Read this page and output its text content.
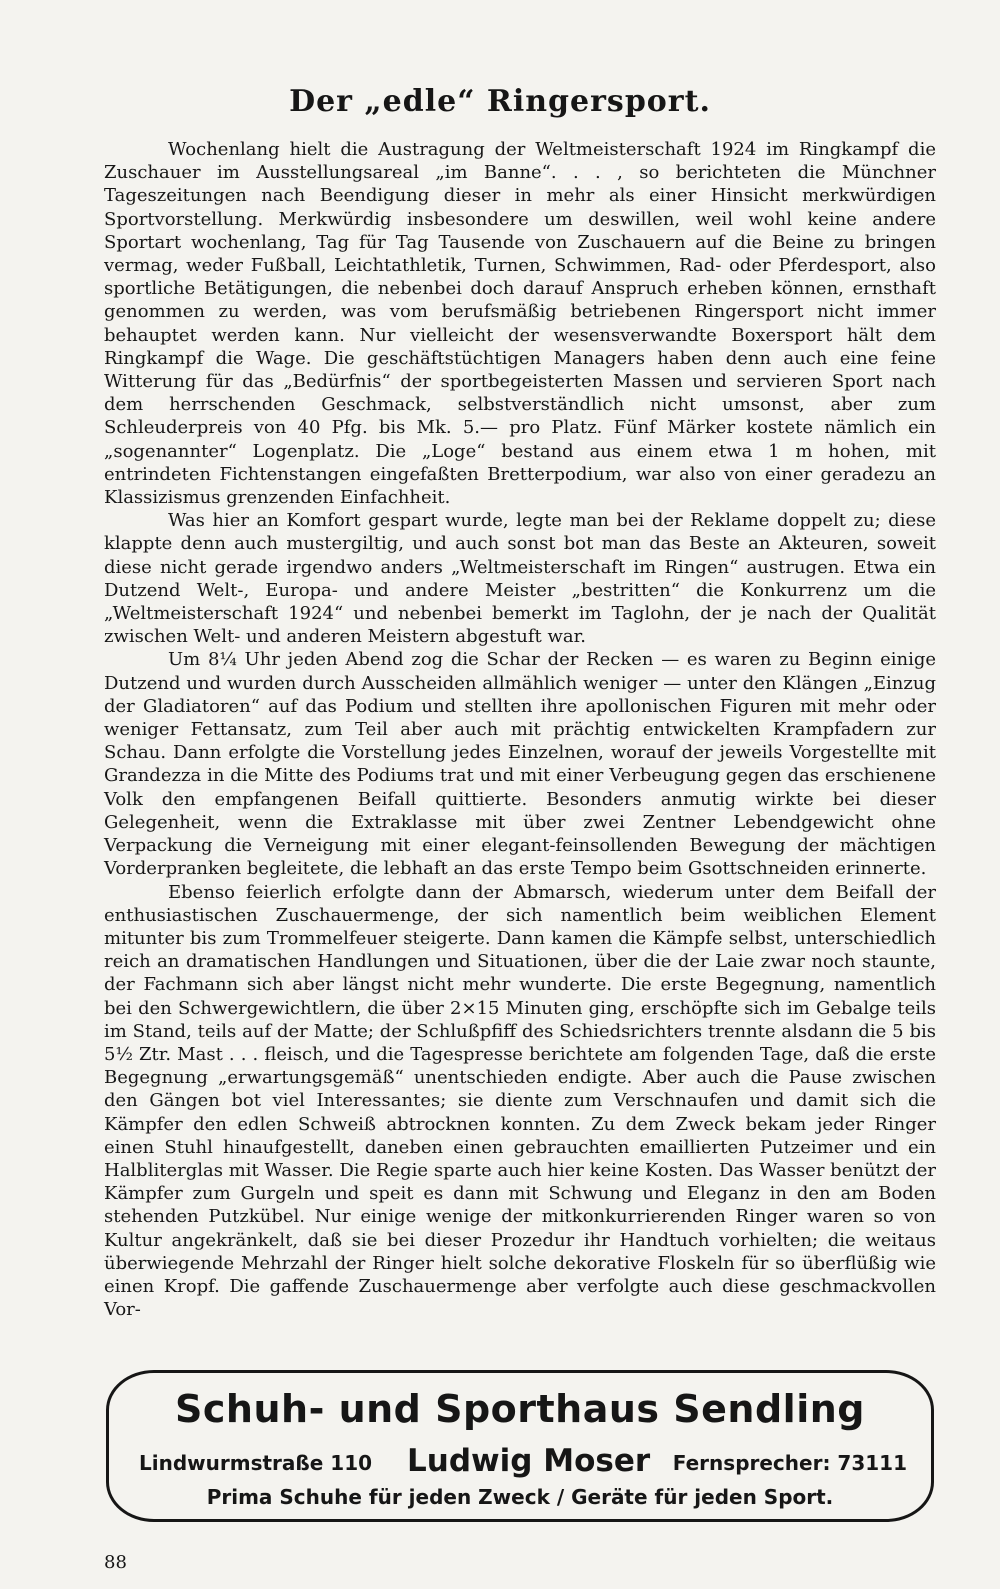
Der „edle“ Ringersport.

Wochenlang hielt die Austragung der Weltmeisterschaft 1924 im Ringkampf die Zuschauer im Ausstellungsareal „im Banne“. . . , so berichteten die Münchner Tageszeitungen nach Beendigung dieser in mehr als einer Hinsicht merkwürdigen Sportvorstellung. Merkwürdig insbesondere um deswillen, weil wohl keine andere Sportart wochenlang, Tag für Tag Tausende von Zuschauern auf die Beine zu bringen vermag, weder Fußball, Leichtathletik, Turnen, Schwimmen, Rad- oder Pferdesport, also sportliche Betätigungen, die nebenbei doch darauf Anspruch erheben können, ernsthaft genommen zu werden, was vom berufsmäßig betriebenen Ringersport nicht immer behauptet werden kann. Nur vielleicht der wesensverwandte Boxersport hält dem Ringkampf die Wage. Die geschäftstüchtigen Managers haben denn auch eine feine Witterung für das „Bedürfnis“ der sportbegeisterten Massen und servieren Sport nach dem herrschenden Geschmack, selbstverständlich nicht umsonst, aber zum Schleuderpreis von 40 Pfg. bis Mk. 5.— pro Platz. Fünf Märker kostete nämlich ein „sogenannter“ Logenplatz. Die „Loge“ bestand aus einem etwa 1 m hohen, mit entrindeten Fichtenstangen eingefaßten Bretterpodium, war also von einer geradezu an Klassizismus grenzenden Einfachheit.

Was hier an Komfort gespart wurde, legte man bei der Reklame doppelt zu; diese klappte denn auch mustergiltig, und auch sonst bot man das Beste an Akteuren, soweit diese nicht gerade irgendwo anders „Weltmeisterschaft im Ringen“ austrugen. Etwa ein Dutzend Welt-, Europa- und andere Meister „bestritten“ die Konkurrenz um die „Weltmeisterschaft 1924“ und nebenbei bemerkt im Taglohn, der je nach der Qualität zwischen Welt- und anderen Meistern abgestuft war.

Um 8¼ Uhr jeden Abend zog die Schar der Recken — es waren zu Beginn einige Dutzend und wurden durch Ausscheiden allmählich weniger — unter den Klängen „Einzug der Gladiatoren“ auf das Podium und stellten ihre apollonischen Figuren mit mehr oder weniger Fettansatz, zum Teil aber auch mit prächtig entwickelten Krampfadern zur Schau. Dann erfolgte die Vorstellung jedes Einzelnen, worauf der jeweils Vorgestellte mit Grandezza in die Mitte des Podiums trat und mit einer Verbeugung gegen das erschienene Volk den empfangenen Beifall quittierte. Besonders anmutig wirkte bei dieser Gelegenheit, wenn die Extraklasse mit über zwei Zentner Lebendgewicht ohne Verpackung die Verneigung mit einer elegant-feinsollenden Bewegung der mächtigen Vorderpranken begleitete, die lebhaft an das erste Tempo beim Gsottschneiden erinnerte.

Ebenso feierlich erfolgte dann der Abmarsch, wiederum unter dem Beifall der enthusiastischen Zuschauermenge, der sich namentlich beim weiblichen Element mitunter bis zum Trommelfeuer steigerte. Dann kamen die Kämpfe selbst, unterschiedlich reich an dramatischen Handlungen und Situationen, über die der Laie zwar noch staunte, der Fachmann sich aber längst nicht mehr wunderte. Die erste Begegnung, namentlich bei den Schwergewichtlern, die über 2×15 Minuten ging, erschöpfte sich im Gebalge teils im Stand, teils auf der Matte; der Schlußpfiff des Schiedsrichters trennte alsdann die 5 bis 5½ Ztr. Mast . . . fleisch, und die Tagespresse berichtete am folgenden Tage, daß die erste Begegnung „erwartungsgemäß“ unentschieden endigte. Aber auch die Pause zwischen den Gängen bot viel Interessantes; sie diente zum Verschnaufen und damit sich die Kämpfer den edlen Schweiß abtrocknen konnten. Zu dem Zweck bekam jeder Ringer einen Stuhl hinaufgestellt, daneben einen gebrauchten emaillierten Putzeimer und ein Halbliterglas mit Wasser. Die Regie sparte auch hier keine Kosten. Das Wasser benützt der Kämpfer zum Gurgeln und speit es dann mit Schwung und Eleganz in den am Boden stehenden Putzkübel. Nur einige wenige der mitkonkurrierenden Ringer waren so von Kultur angekränkelt, daß sie bei dieser Prozedur ihr Handtuch vorhielten; die weitaus überwiegende Mehrzahl der Ringer hielt solche dekorative Floskeln für so überflüßig wie einen Kropf. Die gaffende Zuschauermenge aber verfolgte auch diese geschmackvollen Vor-

Schuh- und Sporthaus Sendling
Lindwurmstraße 110 Ludwig Moser Fernsprecher: 73111
Prima Schuhe für jeden Zweck / Geräte für jeden Sport.
88
